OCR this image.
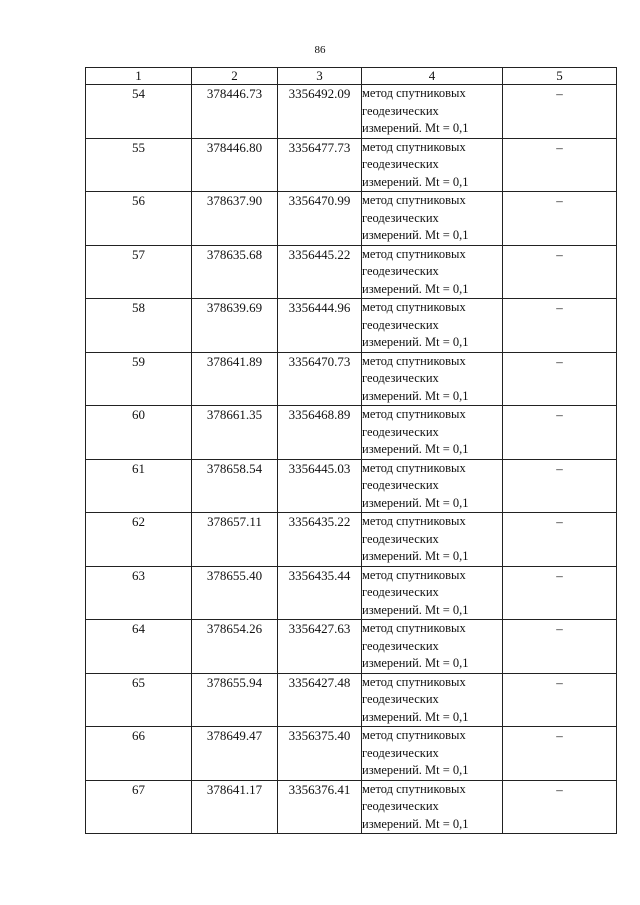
86
1	2	3	4	5
54	378446.73	3356492.09	метод спутниковых
геодезических
измерений. Mt = 0,1	–
55	378446.80	3356477.73	метод спутниковых
геодезических
измерений. Mt = 0,1	–
56	378637.90	3356470.99	метод спутниковых
геодезических
измерений. Mt = 0,1	–
57	378635.68	3356445.22	метод спутниковых
геодезических
измерений. Mt = 0,1	–
58	378639.69	3356444.96	метод спутниковых
геодезических
измерений. Mt = 0,1	–
59	378641.89	3356470.73	метод спутниковых
геодезических
измерений. Mt = 0,1	–
60	378661.35	3356468.89	метод спутниковых
геодезических
измерений. Mt = 0,1	–
61	378658.54	3356445.03	метод спутниковых
геодезических
измерений. Mt = 0,1	–
62	378657.11	3356435.22	метод спутниковых
геодезических
измерений. Mt = 0,1	–
63	378655.40	3356435.44	метод спутниковых
геодезических
измерений. Mt = 0,1	–
64	378654.26	3356427.63	метод спутниковых
геодезических
измерений. Mt = 0,1	–
65	378655.94	3356427.48	метод спутниковых
геодезических
измерений. Mt = 0,1	–
66	378649.47	3356375.40	метод спутниковых
геодезических
измерений. Mt = 0,1	–
67	378641.17	3356376.41	метод спутниковых
геодезических
измерений. Mt = 0,1	–
